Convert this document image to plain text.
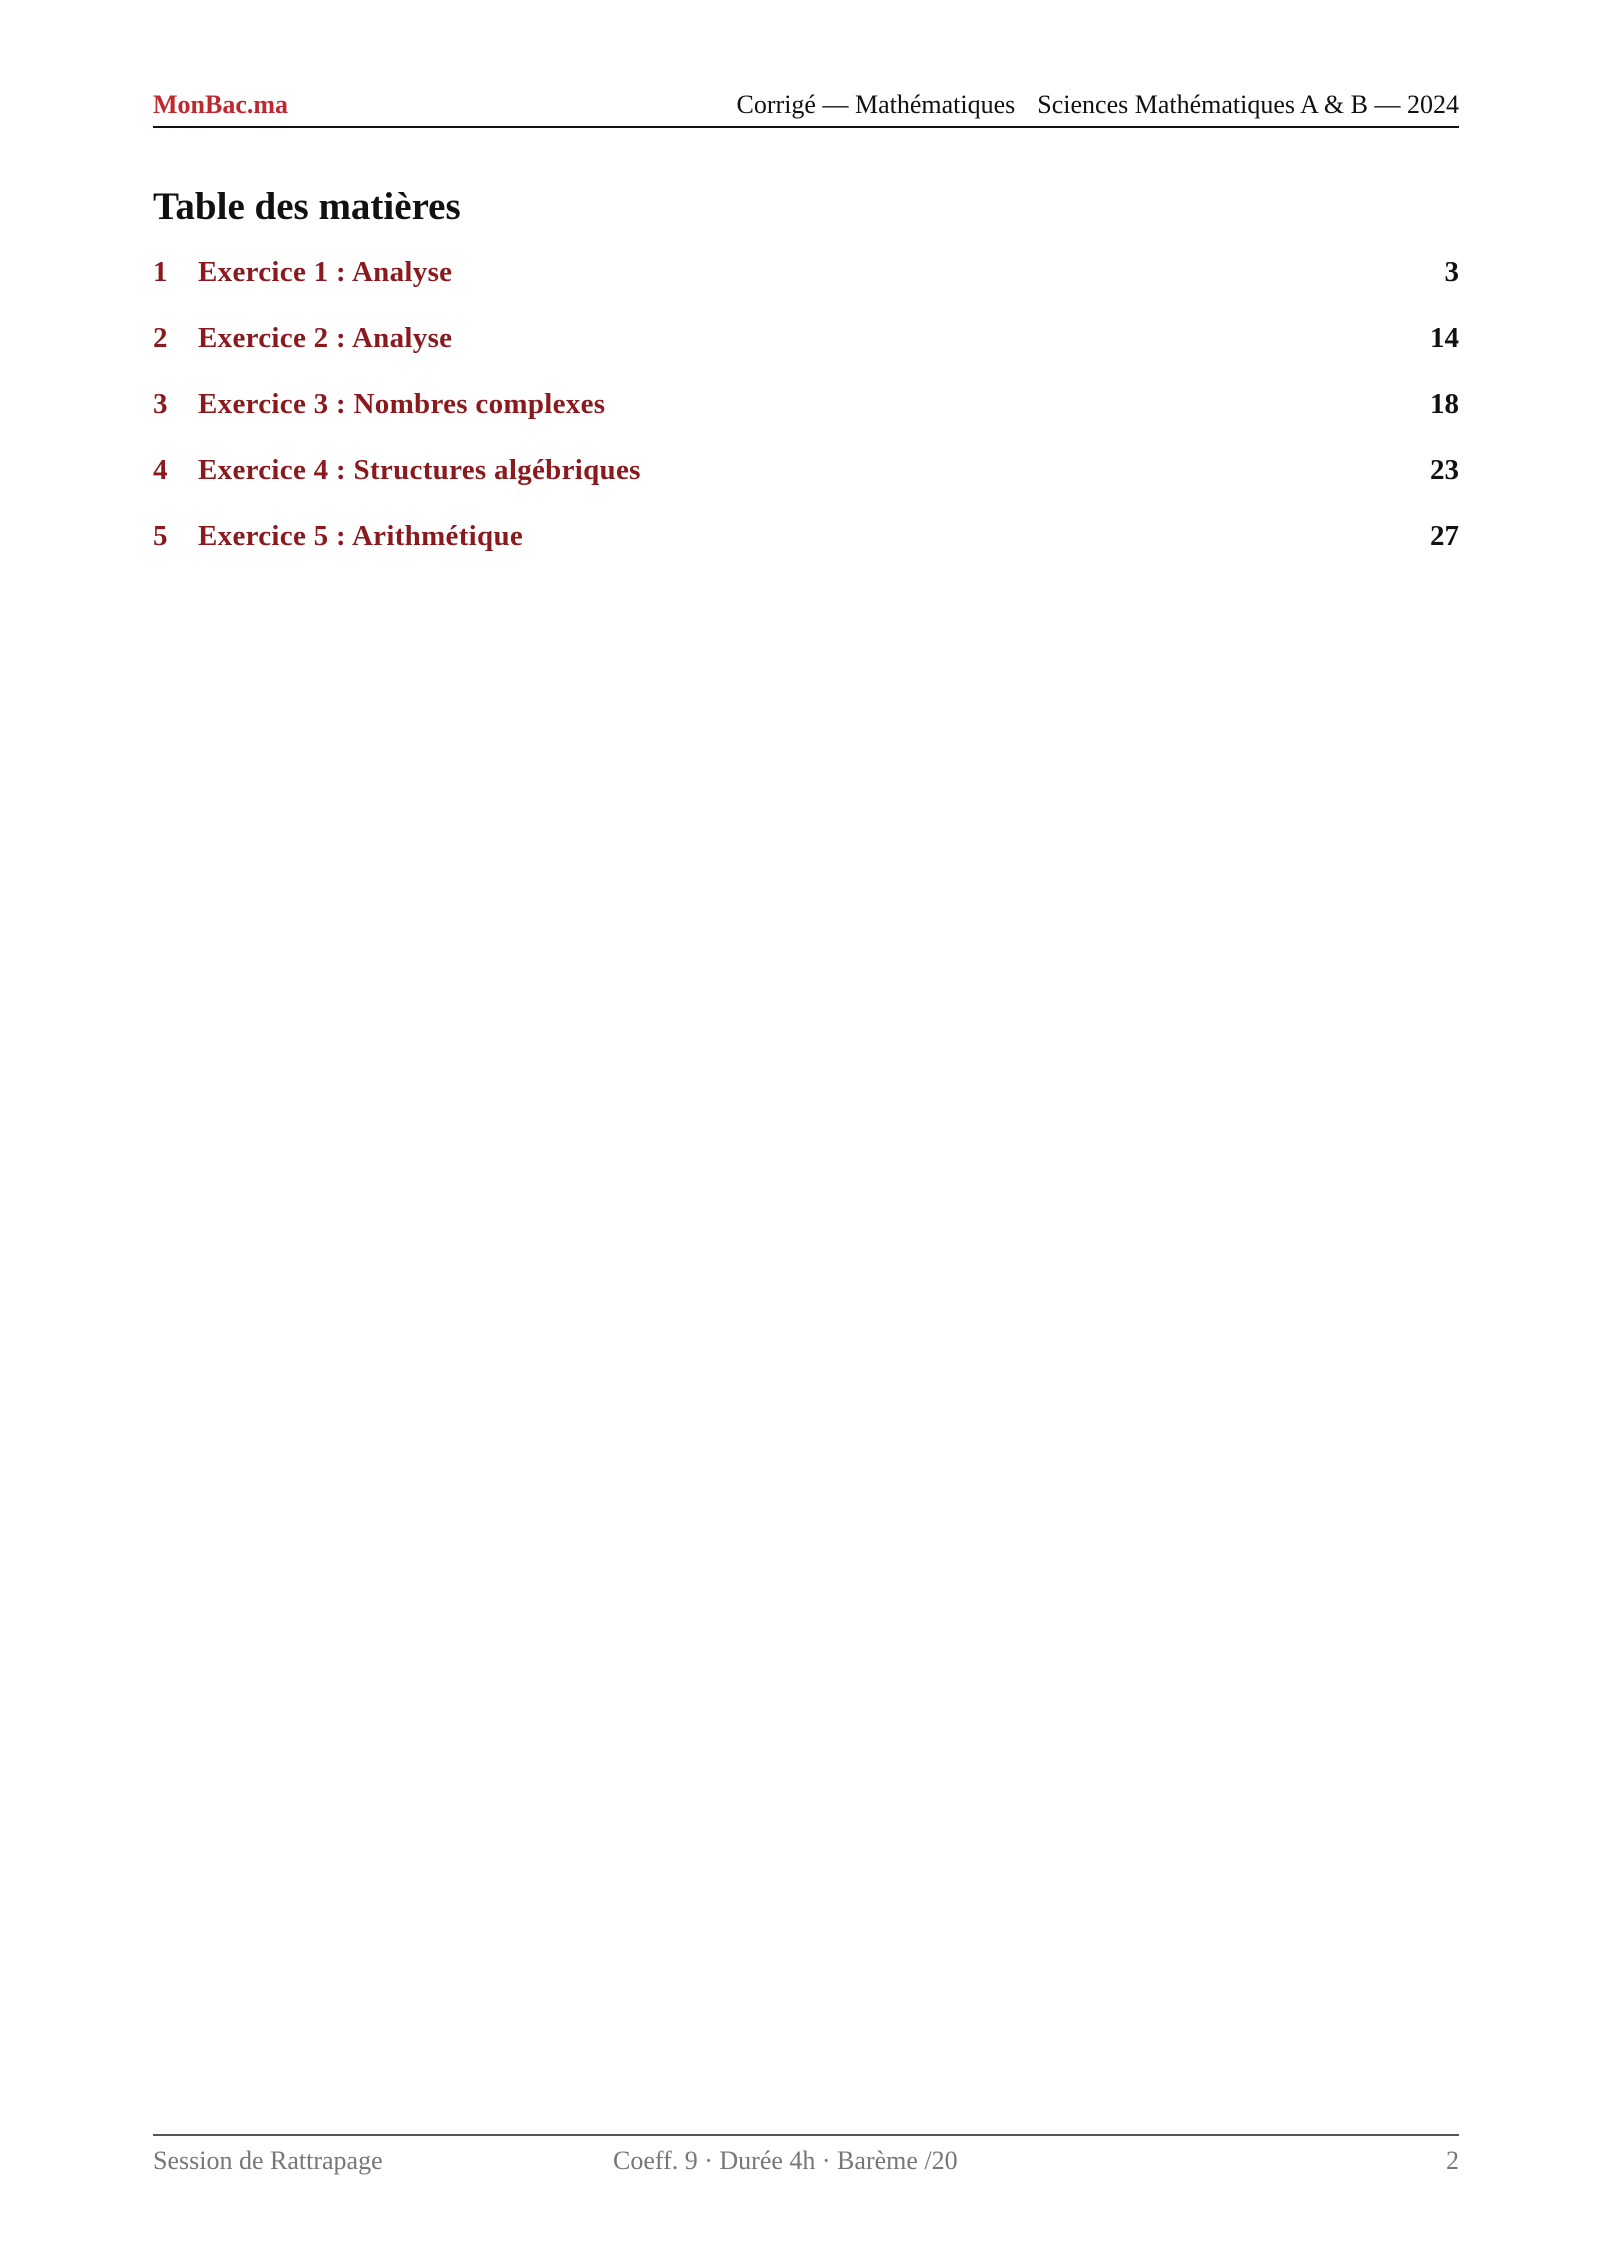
MonBac.ma	Corrigé — Mathématiques Sciences Mathématiques A & B — 2024
Table des matières
1 Exercice 1 : Analyse	3
2 Exercice 2 : Analyse	14
3 Exercice 3 : Nombres complexes	18
4 Exercice 4 : Structures algébriques	23
5 Exercice 5 : Arithmétique	27
Session de Rattrapage	Coeff. 9 · Durée 4h · Barème /20	2
